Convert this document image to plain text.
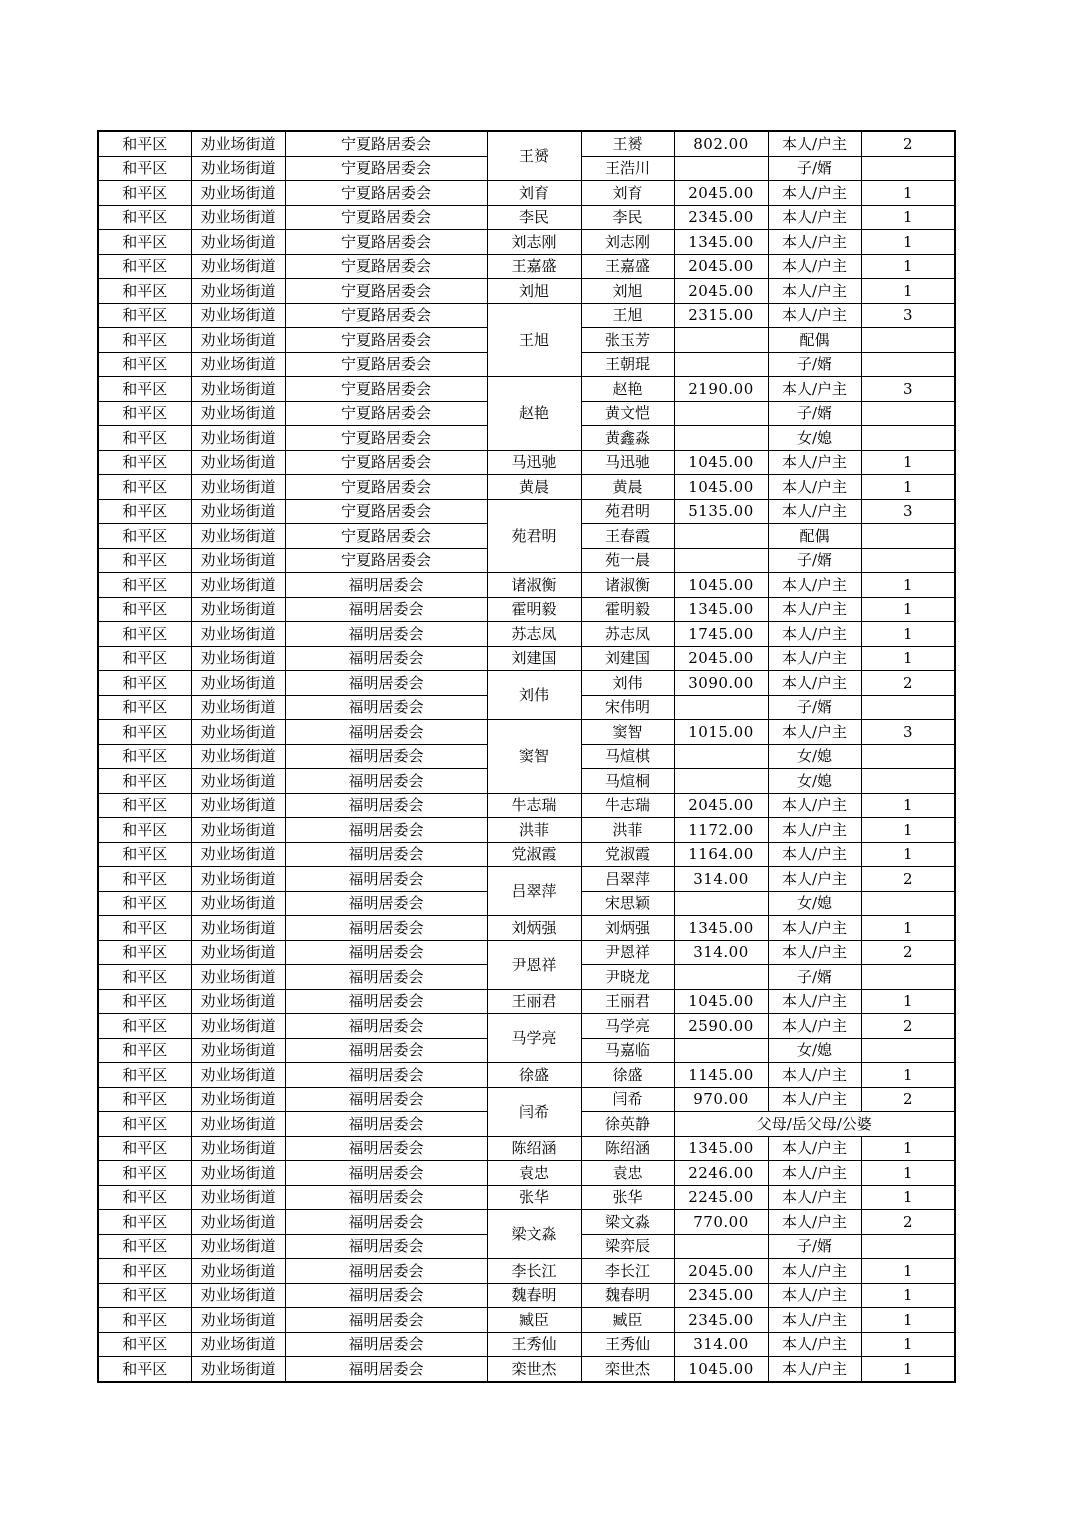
和平区	劝业场街道	宁夏路居委会	王赟	王赟	802.00	本人/户主	2
和平区	劝业场街道	宁夏路居委会		王浩川		子/婿	
和平区	劝业场街道	宁夏路居委会	刘育	刘育	2045.00	本人/户主	1
和平区	劝业场街道	宁夏路居委会	李民	李民	2345.00	本人/户主	1
和平区	劝业场街道	宁夏路居委会	刘志刚	刘志刚	1345.00	本人/户主	1
和平区	劝业场街道	宁夏路居委会	王嘉盛	王嘉盛	2045.00	本人/户主	1
和平区	劝业场街道	宁夏路居委会	刘旭	刘旭	2045.00	本人/户主	1
和平区	劝业场街道	宁夏路居委会	王旭	王旭	2315.00	本人/户主	3
和平区	劝业场街道	宁夏路居委会		张玉芳		配偶	
和平区	劝业场街道	宁夏路居委会		王朝琨		子/婿	
和平区	劝业场街道	宁夏路居委会	赵艳	赵艳	2190.00	本人/户主	3
和平区	劝业场街道	宁夏路居委会		黄文恺		子/婿	
和平区	劝业场街道	宁夏路居委会		黄鑫淼		女/媳	
和平区	劝业场街道	宁夏路居委会	马迅驰	马迅驰	1045.00	本人/户主	1
和平区	劝业场街道	宁夏路居委会	黄晨	黄晨	1045.00	本人/户主	1
和平区	劝业场街道	宁夏路居委会	苑君明	苑君明	5135.00	本人/户主	3
和平区	劝业场街道	宁夏路居委会		王春霞		配偶	
和平区	劝业场街道	宁夏路居委会		苑一晨		子/婿	
和平区	劝业场街道	福明居委会	诸淑衡	诸淑衡	1045.00	本人/户主	1
和平区	劝业场街道	福明居委会	霍明毅	霍明毅	1345.00	本人/户主	1
和平区	劝业场街道	福明居委会	苏志凤	苏志凤	1745.00	本人/户主	1
和平区	劝业场街道	福明居委会	刘建国	刘建国	2045.00	本人/户主	1
和平区	劝业场街道	福明居委会	刘伟	刘伟	3090.00	本人/户主	2
和平区	劝业场街道	福明居委会		宋伟明		子/婿	
和平区	劝业场街道	福明居委会	窦智	窦智	1015.00	本人/户主	3
和平区	劝业场街道	福明居委会		马煊棋		女/媳	
和平区	劝业场街道	福明居委会		马煊桐		女/媳	
和平区	劝业场街道	福明居委会	牛志瑞	牛志瑞	2045.00	本人/户主	1
和平区	劝业场街道	福明居委会	洪菲	洪菲	1172.00	本人/户主	1
和平区	劝业场街道	福明居委会	党淑霞	党淑霞	1164.00	本人/户主	1
和平区	劝业场街道	福明居委会	吕翠萍	吕翠萍	314.00	本人/户主	2
和平区	劝业场街道	福明居委会		宋思颖		女/媳	
和平区	劝业场街道	福明居委会	刘炳强	刘炳强	1345.00	本人/户主	1
和平区	劝业场街道	福明居委会	尹恩祥	尹恩祥	314.00	本人/户主	2
和平区	劝业场街道	福明居委会		尹晓龙		子/婿	
和平区	劝业场街道	福明居委会	王丽君	王丽君	1045.00	本人/户主	1
和平区	劝业场街道	福明居委会	马学亮	马学亮	2590.00	本人/户主	2
和平区	劝业场街道	福明居委会		马嘉临		女/媳	
和平区	劝业场街道	福明居委会	徐盛	徐盛	1145.00	本人/户主	1
和平区	劝业场街道	福明居委会	闫希	闫希	970.00	本人/户主	2
和平区	劝业场街道	福明居委会		徐英静	父母/岳父母/公婆		
和平区	劝业场街道	福明居委会	陈绍涵	陈绍涵	1345.00	本人/户主	1
和平区	劝业场街道	福明居委会	袁忠	袁忠	2246.00	本人/户主	1
和平区	劝业场街道	福明居委会	张华	张华	2245.00	本人/户主	1
和平区	劝业场街道	福明居委会	梁文淼	梁文淼	770.00	本人/户主	2
和平区	劝业场街道	福明居委会		梁弈辰		子/婿	
和平区	劝业场街道	福明居委会	李长江	李长江	2045.00	本人/户主	1
和平区	劝业场街道	福明居委会	魏春明	魏春明	2345.00	本人/户主	1
和平区	劝业场街道	福明居委会	臧臣	臧臣	2345.00	本人/户主	1
和平区	劝业场街道	福明居委会	王秀仙	王秀仙	314.00	本人/户主	1
和平区	劝业场街道	福明居委会	栾世杰	栾世杰	1045.00	本人/户主	1
